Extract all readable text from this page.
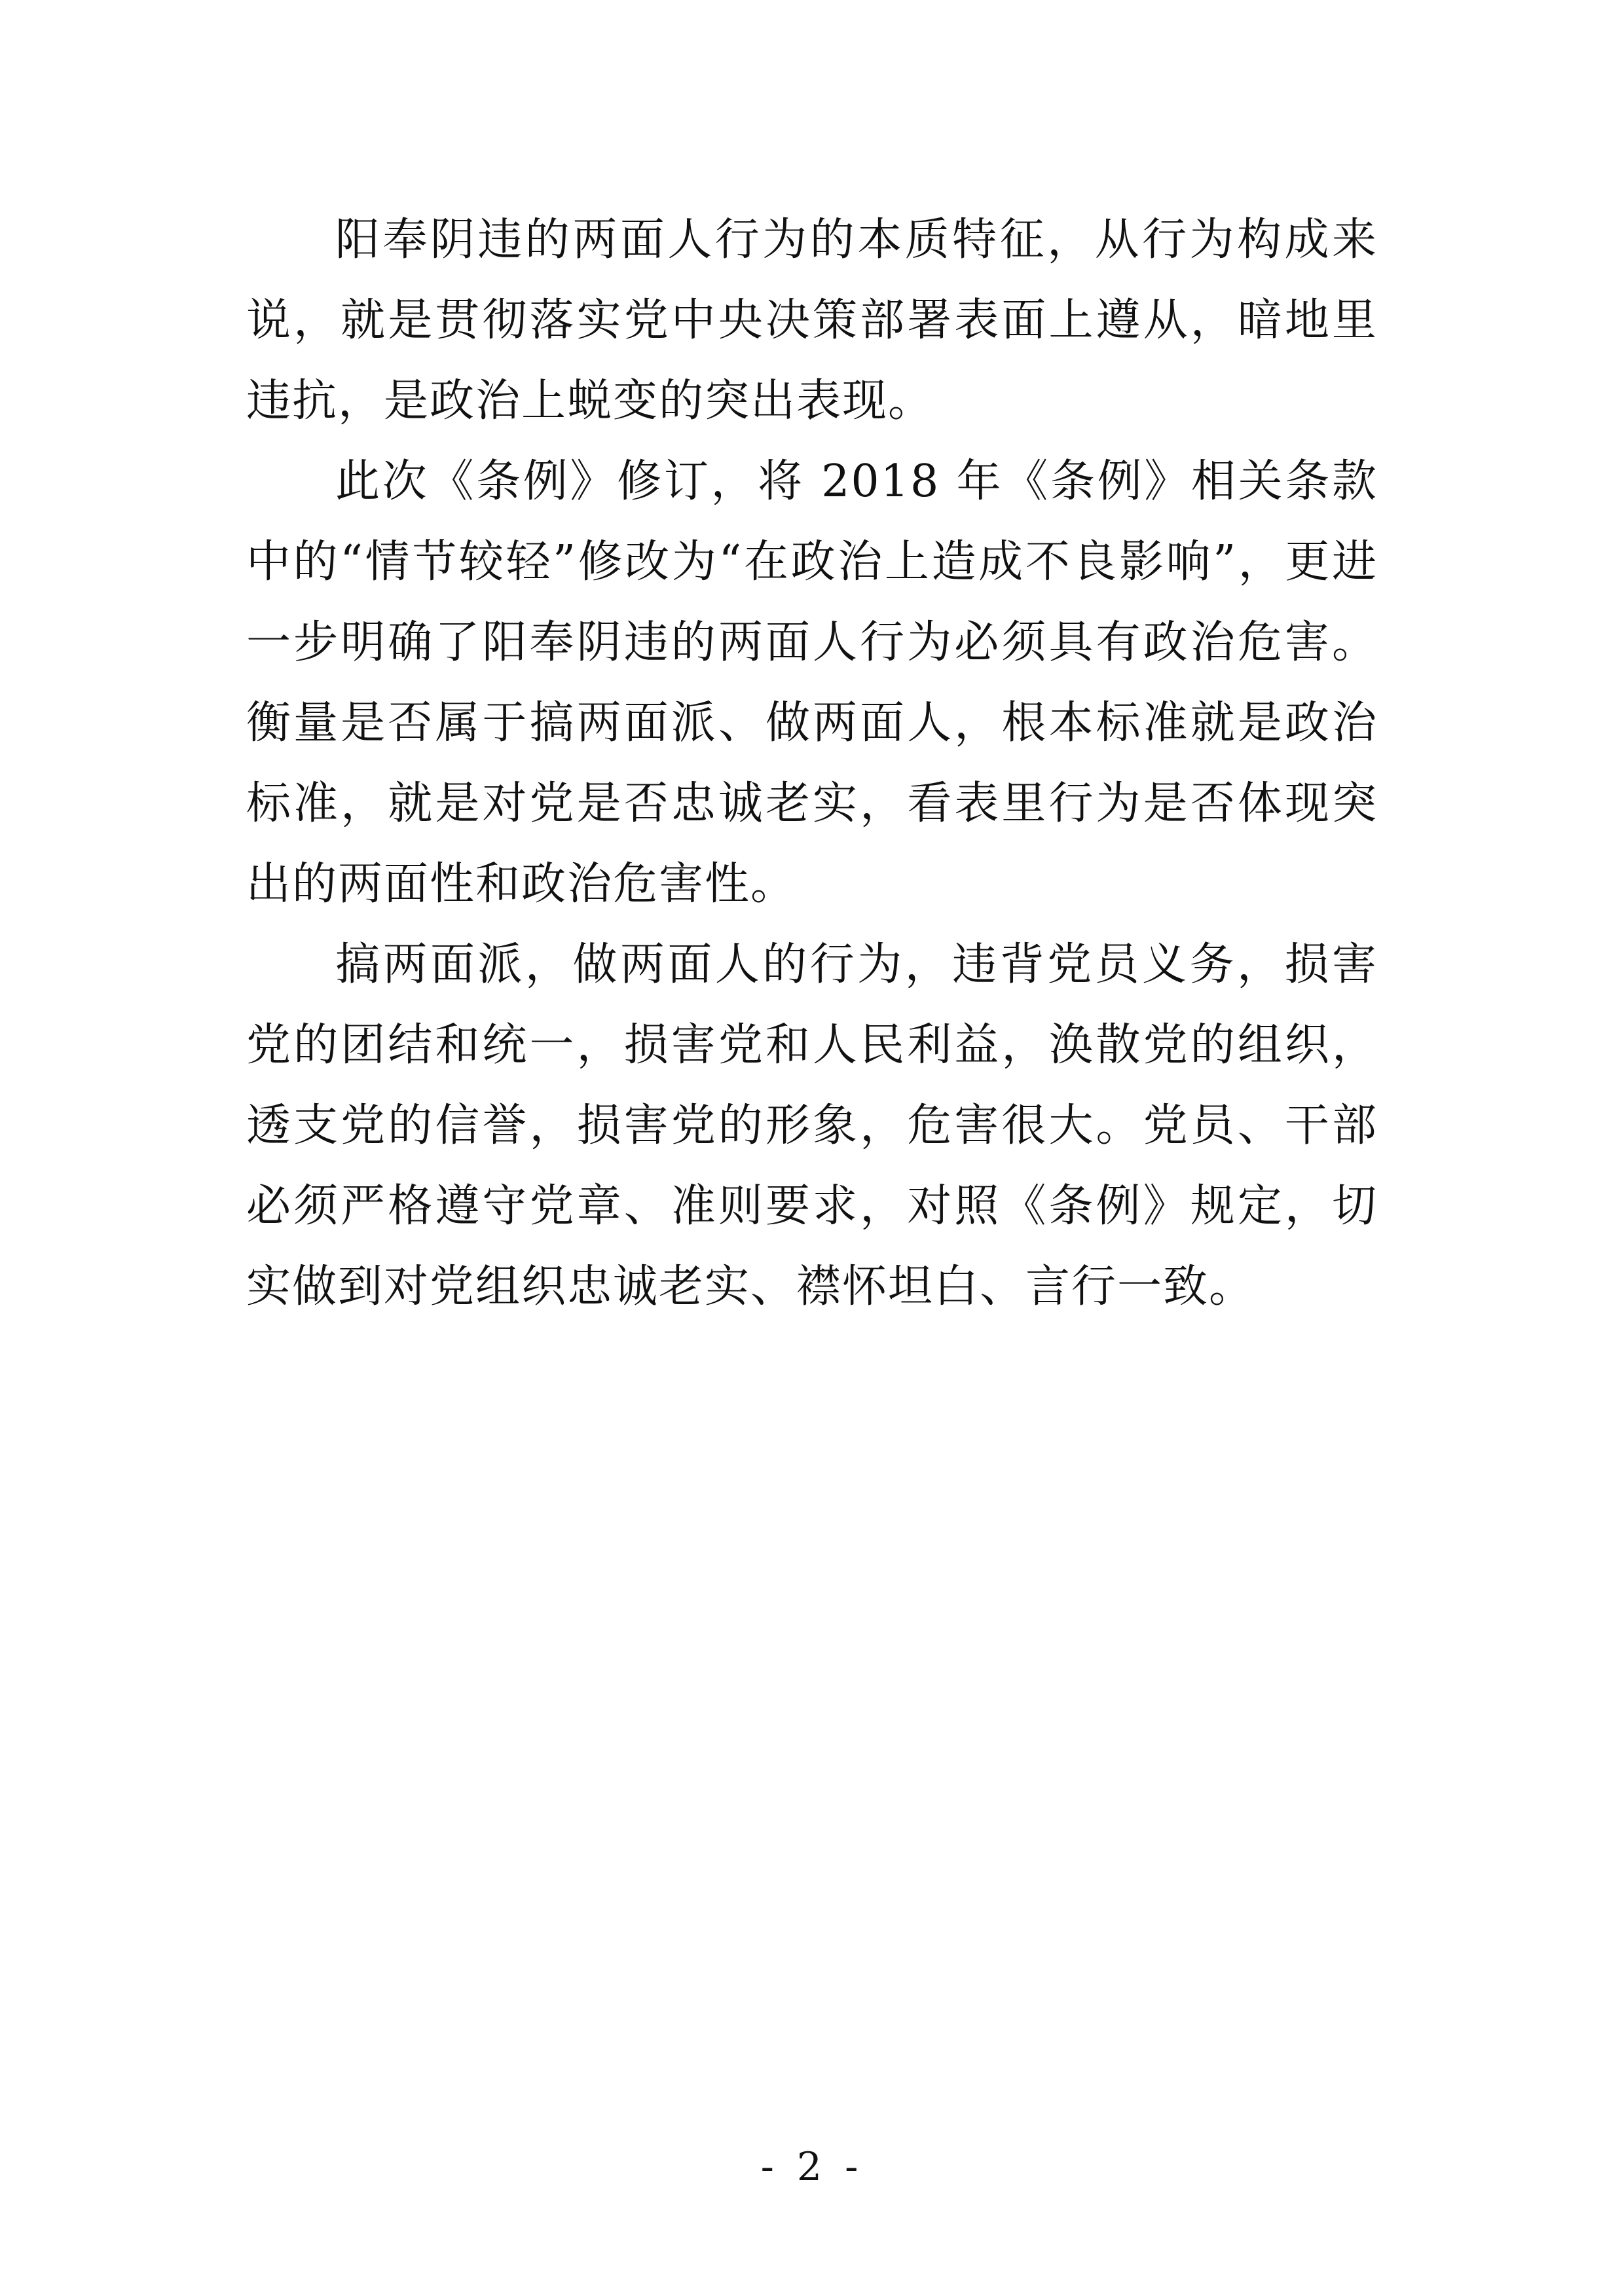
阳奉阴违的两面人行为的本质特征，从行为构成来说，就是贯彻落实党中央决策部署表面上遵从，暗地里违抗，是政治上蜕变的突出表现。

此次《条例》修订，将 2018 年《条例》相关条款中的“情节较轻”修改为“在政治上造成不良影响”，更进一步明确了阳奉阴违的两面人行为必须具有政治危害。衡量是否属于搞两面派、做两面人，根本标准就是政治标准，就是对党是否忠诚老实，看表里行为是否体现突出的两面性和政治危害性。

搞两面派，做两面人的行为，违背党员义务，损害党的团结和统一，损害党和人民利益，涣散党的组织，透支党的信誉，损害党的形象，危害很大。党员、干部必须严格遵守党章、准则要求，对照《条例》规定，切实做到对党组织忠诚老实、襟怀坦白、言行一致。

- 2 -
